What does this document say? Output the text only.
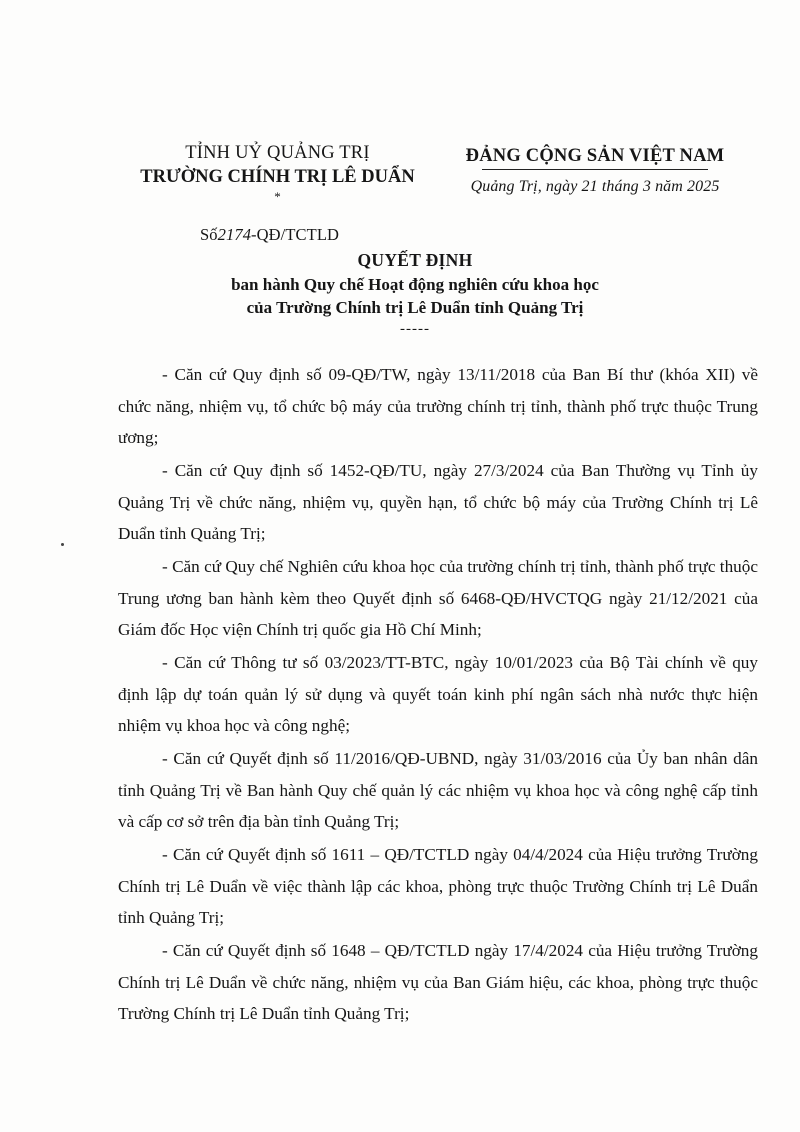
TỈNH UỶ QUẢNG TRỊ
TRƯỜNG CHÍNH TRỊ LÊ DUẨN
*
Số2174-QĐ/TCTLD
ĐẢNG CỘNG SẢN VIỆT NAM
Quảng Trị, ngày 21 tháng 3 năm 2025
QUYẾT ĐỊNH
ban hành Quy chế Hoạt động nghiên cứu khoa học
của Trường Chính trị Lê Duẩn tỉnh Quảng Trị
-----

- Căn cứ Quy định số 09-QĐ/TW, ngày 13/11/2018 của Ban Bí thư (khóa XII) về chức năng, nhiệm vụ, tổ chức bộ máy của trường chính trị tỉnh, thành phố trực thuộc Trung ương;

- Căn cứ Quy định số 1452-QĐ/TU, ngày 27/3/2024 của Ban Thường vụ Tỉnh ủy Quảng Trị về chức năng, nhiệm vụ, quyền hạn, tổ chức bộ máy của Trường Chính trị Lê Duẩn tỉnh Quảng Trị;

- Căn cứ Quy chế Nghiên cứu khoa học của trường chính trị tỉnh, thành phố trực thuộc Trung ương ban hành kèm theo Quyết định số 6468-QĐ/HVCTQG ngày 21/12/2021 của Giám đốc Học viện Chính trị quốc gia Hồ Chí Minh;

- Căn cứ Thông tư số 03/2023/TT-BTC, ngày 10/01/2023 của Bộ Tài chính về quy định lập dự toán quản lý sử dụng và quyết toán kinh phí ngân sách nhà nước thực hiện nhiệm vụ khoa học và công nghệ;

- Căn cứ Quyết định số 11/2016/QĐ-UBND, ngày 31/03/2016 của Ủy ban nhân dân tỉnh Quảng Trị về Ban hành Quy chế quản lý các nhiệm vụ khoa học và công nghệ cấp tỉnh và cấp cơ sở trên địa bàn tỉnh Quảng Trị;

- Căn cứ Quyết định số 1611 – QĐ/TCTLD ngày 04/4/2024 của Hiệu trưởng Trường Chính trị Lê Duẩn về việc thành lập các khoa, phòng trực thuộc Trường Chính trị Lê Duẩn tỉnh Quảng Trị;

- Căn cứ Quyết định số 1648 – QĐ/TCTLD ngày 17/4/2024 của Hiệu trưởng Trường Chính trị Lê Duẩn về chức năng, nhiệm vụ của Ban Giám hiệu, các khoa, phòng trực thuộc Trường Chính trị Lê Duẩn tỉnh Quảng Trị;
